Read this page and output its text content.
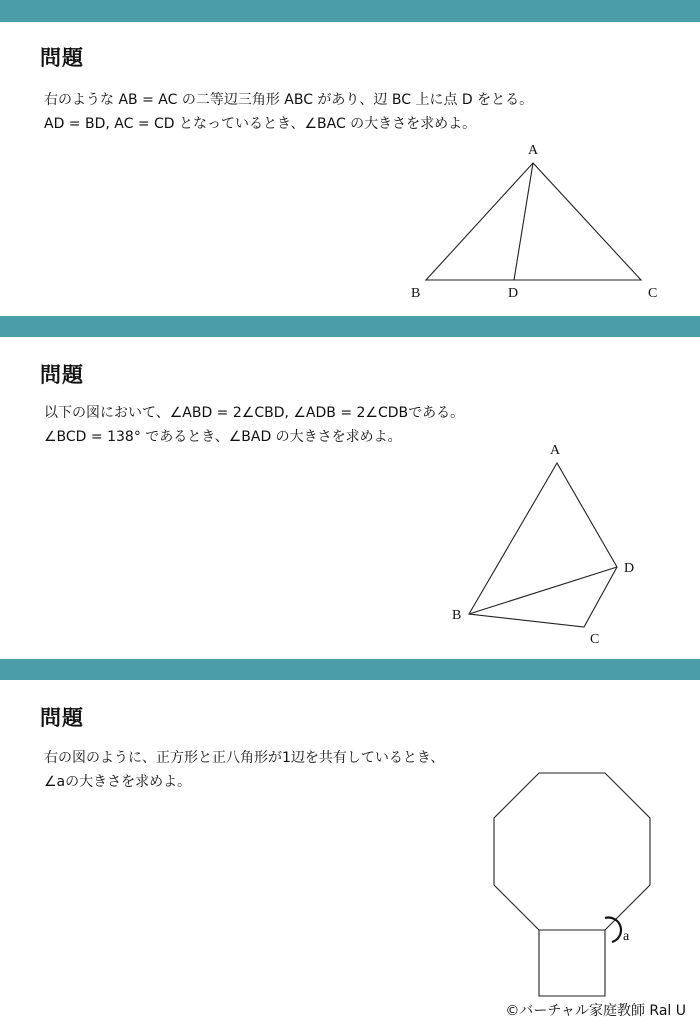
問題

右のような AB = AC の二等辺三角形 ABC があり、辺 BC 上に点 D をとる。
AD = BD, AC = CD となっているとき、∠BAC の大きさを求めよ。

A
B	D	C
問題

以下の図において、∠ABD = 2∠CBD, ∠ADB = 2∠CDBである。
∠BCD = 138° であるとき、∠BAD の大きさを求めよ。

A
B
C
D
問題

右の図のように、正方形と正八角形が1辺を共有しているとき、
∠aの大きさを求めよ。

a

©バーチャル家庭教師 Ral U
